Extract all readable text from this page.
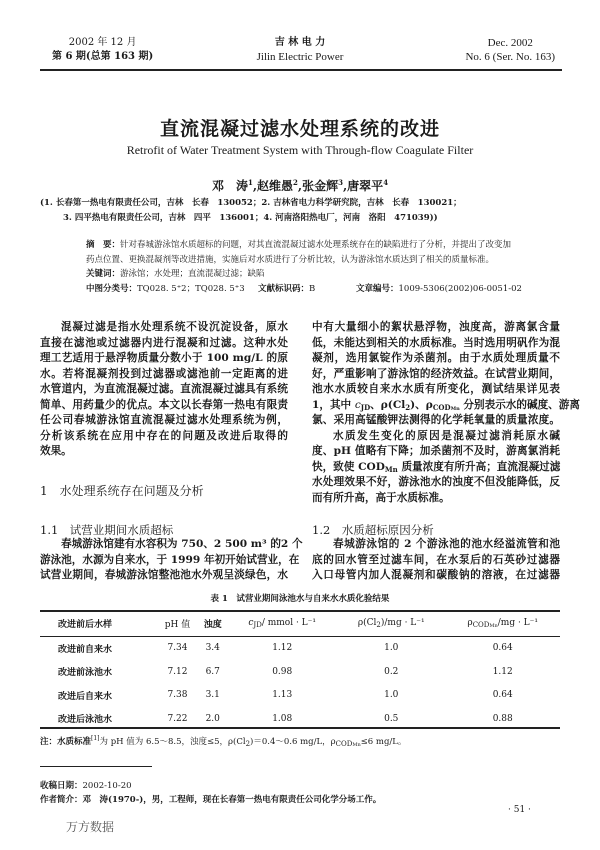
2002 年 12 月
第 6 期(总第 163 期)
吉 林 电 力
Jilin Electric Power
Dec. 2002
No. 6 (Ser. No. 163)
直流混凝过滤水处理系统的改进
Retrofit of Water Treatment System with Through-flow Coagulate Filter
邓　涛$^1$,赵维愚$^2$,张金辉$^3$,唐翠平$^4$
(1. 长春第一热电有限责任公司，吉林　长春　130052；2. 吉林省电力科学研究院，吉林　长春　130021；
3. 四平热电有限责任公司，吉林　四平　136001；4. 河南洛阳热电厂，河南　洛阳　471039))
摘　要：针对春城游泳馆水质超标的问题，对其直流混凝过滤水处理系统存在的缺陷进行了分析，并提出了改变加
药点位置、更换混凝剂等改进措施，实施后对水质进行了分析比较，认为游泳馆水质达到了相关的质量标准。
关键词：游泳馆；水处理；直流混凝过滤；缺陷
中图分类号：TQ028. 5⁺2；TQ028. 5⁺3 文献标识码：B	文章编号：1009-5306(2002)06-0051-02
混凝过滤是指水处理系统不设沉淀设备，原水
直接在滤池或过滤器内进行混凝和过滤。这种水处
理工艺适用于悬浮物质量分数小于 100 mg/L 的原
水。若将混凝剂投到过滤器或滤池前一定距离的进
水管道内，为直流混凝过滤。直流混凝过滤具有系统
简单、用药量少的优点。本文以长春第一热电有限责
任公司春城游泳馆直流混凝过滤水处理系统为例，
分析该系统在应用中存在的问题及改进后取得的
效果。
1　水处理系统存在问题及分析
1.1　试营业期间水质超标
春城游泳馆建有水容积为 750、2 500 m³ 的2 个
游泳池，水源为自来水，于 1999 年初开始试营业，在
试营业期间，春城游泳馆整池池水外观呈淡绿色，水
中有大量细小的絮状悬浮物，浊度高，游离氯含量
低，未能达到相关的水质标准。当时选用明矾作为混
凝剂，选用氯锭作为杀菌剂。由于水质处理质量不
好，严重影响了游泳馆的经济效益。在试营业期间，
池水水质较自来水水质有所变化，测试结果详见表
1，其中 $c_{JD}$、$\rho(Cl_2)$、$\rho_{CODMn}$ 分别表示水的碱度、游离
氯、采用高锰酸钾法测得的化学耗氧量的质量浓度。
水质发生变化的原因是混凝过滤消耗原水碱
度、pH 值略有下降；加杀菌剂不及时，游离氯消耗
快，致使 $COD_{Mn}$ 质量浓度有所升高；直流混凝过滤
水处理效果不好，游泳池水的浊度不但没能降低，反
而有所升高，高于水质标准。
1.2　水质超标原因分析
春城游泳馆的 2 个游泳池的池水经溢流管和池
底的回水管至过滤车间，在水泵后的石英砂过滤器
入口母管内加人混凝剂和碳酸钠的溶液，在过滤器
表 1　试营业期间泳池水与自来水水质化验结果
改进前后水样	pH 值	浊度	$c_{JD}/$ mmol · L⁻¹	$\rho(Cl_2)/mg \cdot L^{-1}$	$\rho_{CODMn}/mg \cdot L^{-1}$
改进前自来水	7.34	3.4	1.12	1.0	0.64
改进前泳池水	7.12	6.7	0.98	0.2	1.12
改进后自来水	7.38	3.1	1.13	1.0	0.64
改进后泳池水	7.22	2.0	1.08	0.5	0.88
注：水质标准[1]为 pH 值为 6.5～8.5，浊度≤5，$\rho(Cl_2)=0.4\sim 0.6$ mg/L，$\rho_{CODMn}\le 6$ mg/L。
收稿日期：2002-10-20
作者简介：邓　涛(1970-)，男，工程师，现在长春第一热电有限责任公司化学分场工作。
· 51 ·
万方数据
